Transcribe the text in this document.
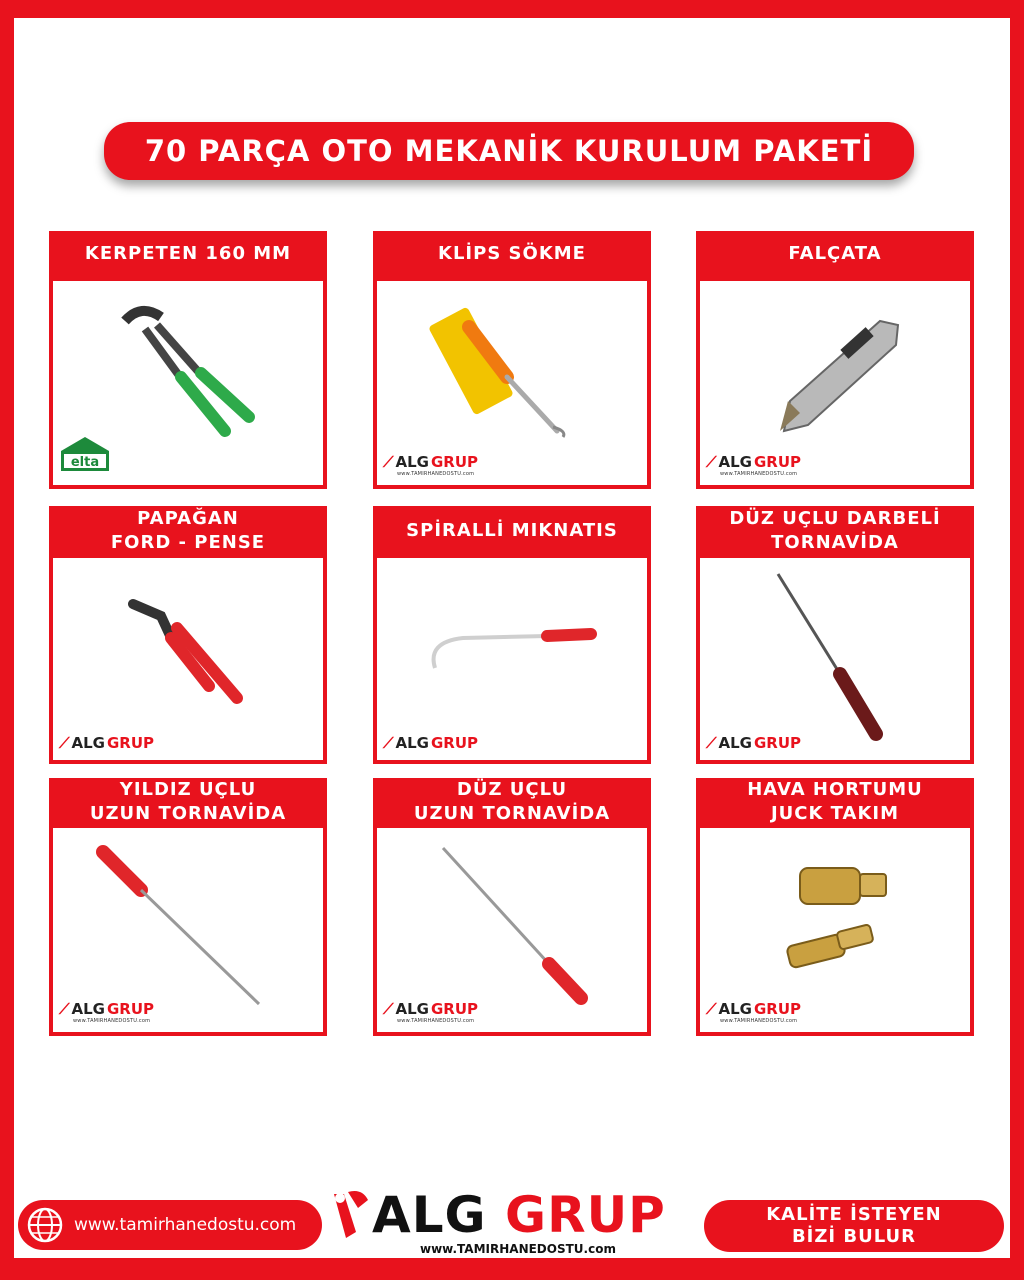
70 PARÇA OTO MEKANİK KURULUM PAKETİ
KERPETEN 160 MM
elta
KLİPS SÖKME
⟋ ALG GRUP
www.TAMIRHANEDOSTU.com
FALÇATA
⟋ ALG GRUP
www.TAMIRHANEDOSTU.com
PAPAĞAN
FORD - PENSE
⟋ ALG GRUP
SPİRALLİ MIKNATIS
⟋ ALG GRUP
DÜZ UÇLU DARBELİ
TORNAVİDA
⟋ ALG GRUP
YILDIZ UÇLU
UZUN TORNAVİDA
⟋ ALG GRUP
www.TAMIRHANEDOSTU.com
DÜZ UÇLU
UZUN TORNAVİDA
⟋ ALG GRUP
www.TAMIRHANEDOSTU.com
HAVA HORTUMU
JUCK TAKIM
⟋ ALG GRUP
www.TAMIRHANEDOSTU.com
www.tamirhanedostu.com ALG GRUP
www.TAMIRHANEDOSTU.com
KALİTE İSTEYEN
BİZİ BULUR
